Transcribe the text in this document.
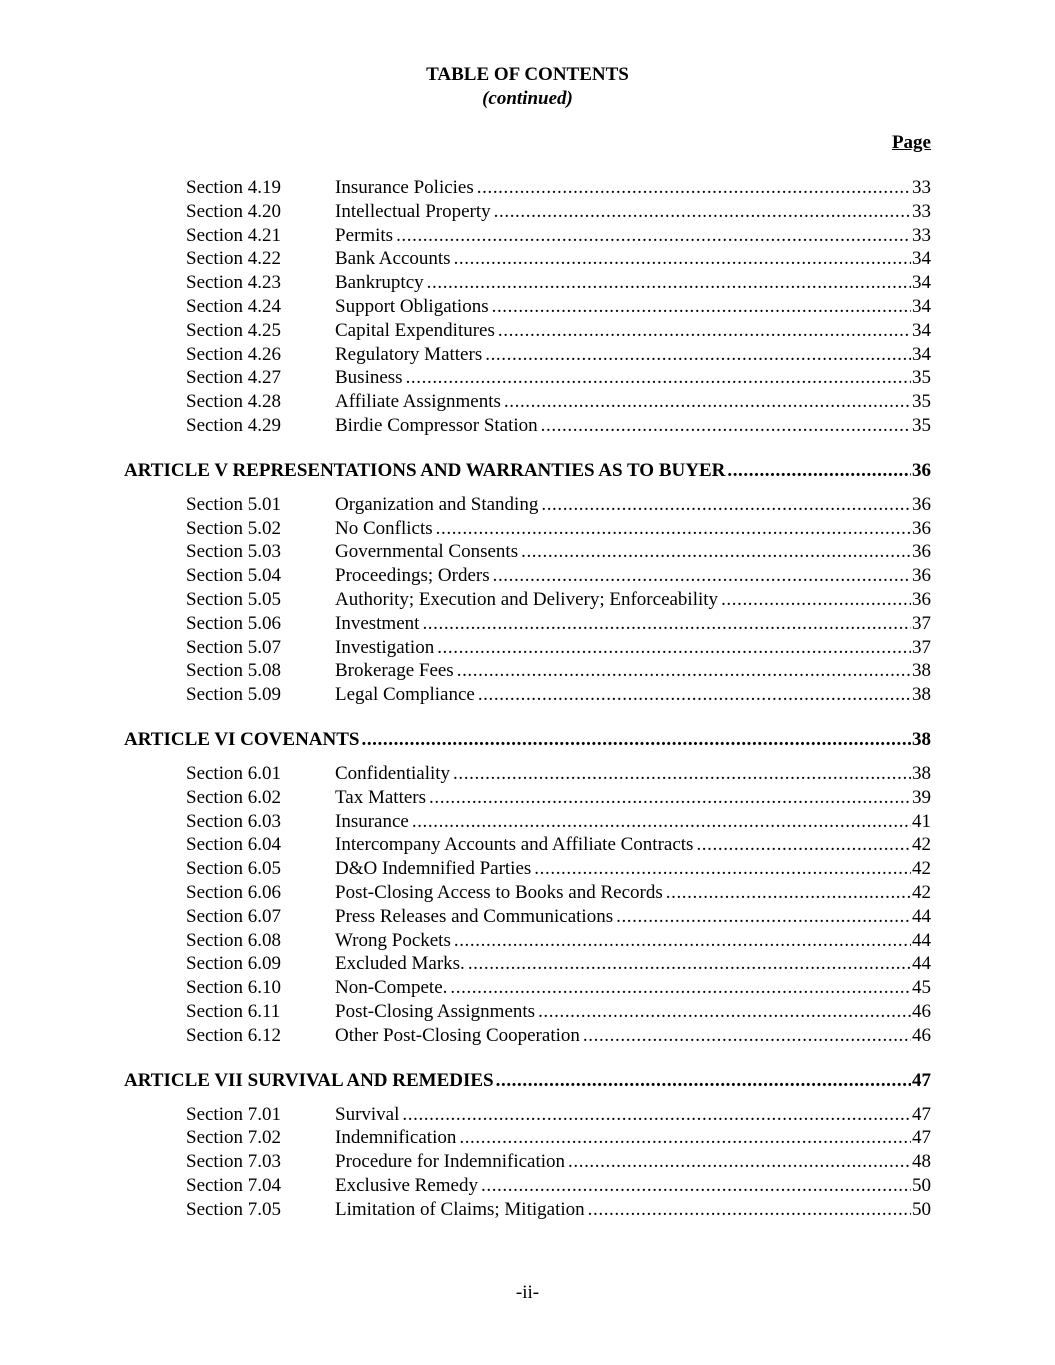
TABLE OF CONTENTS
(continued)
Page
Section 4.19	Insurance Policies .....	33
Section 4.20	Intellectual Property .....	33
Section 4.21	Permits .....	33
Section 4.22	Bank Accounts .....	34
Section 4.23	Bankruptcy .....	34
Section 4.24	Support Obligations .....	34
Section 4.25	Capital Expenditures .....	34
Section 4.26	Regulatory Matters .....	34
Section 4.27	Business .....	35
Section 4.28	Affiliate Assignments .....	35
Section 4.29	Birdie Compressor Station .....	35
ARTICLE V REPRESENTATIONS AND WARRANTIES AS TO BUYER .....	36
Section 5.01	Organization and Standing .....	36
Section 5.02	No Conflicts .....	36
Section 5.03	Governmental Consents .....	36
Section 5.04	Proceedings; Orders .....	36
Section 5.05	Authority; Execution and Delivery; Enforceability .....	36
Section 5.06	Investment .....	37
Section 5.07	Investigation .....	37
Section 5.08	Brokerage Fees .....	38
Section 5.09	Legal Compliance .....	38
ARTICLE VI COVENANTS .....	38
Section 6.01	Confidentiality .....	38
Section 6.02	Tax Matters .....	39
Section 6.03	Insurance .....	41
Section 6.04	Intercompany Accounts and Affiliate Contracts .....	42
Section 6.05	D&O Indemnified Parties .....	42
Section 6.06	Post-Closing Access to Books and Records .....	42
Section 6.07	Press Releases and Communications .....	44
Section 6.08	Wrong Pockets .....	44
Section 6.09	Excluded Marks. .....	44
Section 6.10	Non-Compete. .....	45
Section 6.11	Post-Closing Assignments .....	46
Section 6.12	Other Post-Closing Cooperation .....	46
ARTICLE VII SURVIVAL AND REMEDIES .....	47
Section 7.01	Survival .....	47
Section 7.02	Indemnification .....	47
Section 7.03	Procedure for Indemnification .....	48
Section 7.04	Exclusive Remedy .....	50
Section 7.05	Limitation of Claims; Mitigation .....	50
-ii-
